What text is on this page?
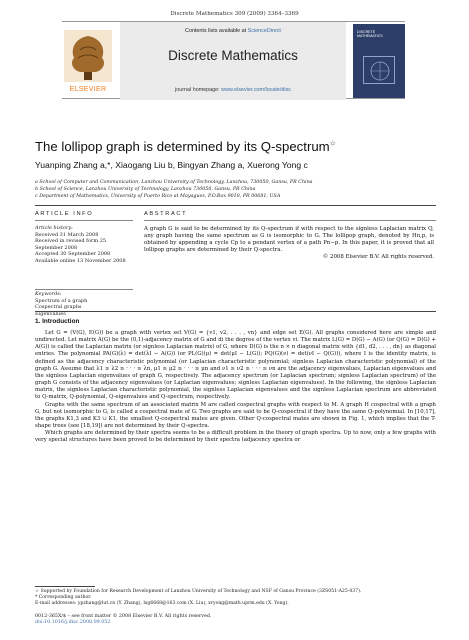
Discrete Mathematics 309 (2009) 3364–3369
ELSEVIER
Contents lists available at ScienceDirect
Discrete Mathematics
journal homepage: www.elsevier.com/locate/disc
DISCRETE
MATHEMATICS
The lollipop graph is determined by its Q-spectrum☆
Yuanping Zhang a,*, Xiaogang Liu b, Bingyan Zhang a, Xuerong Yong c
a School of Computer and Communication, Lanzhou University of Technology, Lanzhou, 730050, Gansu, PR China
b School of Science, Lanzhou University of Technology, Lanzhou 730050, Gansu, PR China
c Department of Mathematics, University of Puerto Rico at Mayaguez, P.O.Box 9018, PR 00681, USA
ARTICLE INFO	ABSTRACT
Article history:
Received 31 March 2008
Received in revised form 25 September 2008
Accepted 30 September 2008
Available online 13 November 2008
Keywords:
Spectrum of a graph
Cospectral graphs
Eigenvalues
A graph G is said to be determined by its Q-spectrum if with respect to the signless Laplacian matrix Q, any graph having the same spectrum as G is isomorphic to G. The lollipop graph, denoted by Hn,p, is obtained by appending a cycle Cp to a pendant vertex of a path Pn−p. In this paper, it is proved that all lollipop graphs are determined by their Q-spectra.
© 2008 Elsevier B.V. All rights reserved.
1. Introduction

Let G = (V(G), E(G)) be a graph with vertex set V(G) = {v1, v2, . . . , vn} and edge set E(G). All graphs considered here are simple and undirected. Let matrix A(G) be the (0,1)-adjacency matrix of G and di the degree of the vertex vi. The matrix L(G) = D(G) − A(G) (or Q(G) = D(G) + A(G)) is called the Laplacian matrix (or signless Laplacian matrix) of G, where D(G) is the n × n diagonal matrix with {d1, d2, . . . , dn} as diagonal entries. The polynomial PA(G)(λ) = det(λI − A(G)) (or PL(G)(μ) = det(μI − L(G)); PQ(G)(ν) = det(νI − Q(G))), where I is the identity matrix, is defined as the adjacency characteristic polynomial (or Laplacian characteristic polynomial; signless Laplacian characteristic polynomial) of the graph G. Assume that λ1 ≥ λ2 ≥ · · · ≥ λn, μ1 ≥ μ2 ≥ · · · ≥ μn and ν1 ≥ ν2 ≥ · · · ≥ νn are the adjacency eigenvalues, Laplacian eigenvalues and the signless Laplacian eigenvalues of graph G, respectively. The adjacency spectrum (or Laplacian spectrum; signless Laplacian spectrum) of the graph G consists of the adjacency eigenvalues (or Laplacian eigenvalues; signless Laplacian eigenvalues). In the following, the signless Laplacian matrix, the signless Laplacian characteristic polynomial, the signless Laplacian eigenvalues and the signless Laplacian spectrum are abbreviated to Q-matrix, Q-polynomial, Q-eigenvalues and Q-spectrum, respectively.

Graphs with the same spectrum of an associated matrix M are called cospectral graphs with respect to M. A graph H cospectral with a graph G, but not isomorphic to G, is called a cospectral mate of G. Two graphs are said to be Q-cospectral if they have the same Q-polynomial. In [10,17], the graphs K1,3 and K3 ∪ K1, the smallest Q-cospectral mates are given. Other Q-cospectral mates are shown in Fig. 1, which implies that the T-shape trees (see [18,19]) are not determined by their Q-spectra.

Which graphs are determined by their spectra seems to be a difficult problem in the theory of graph spectra. Up to now, only a few graphs with very special structures have been proved to be determined by their spectra (adjacency spectra or

☆ Supported by Foundation for Research Development of Lanzhou University of Technology and NSF of Gansu Province (3ZS051-A25-037).
* Corresponding author.
E-mail addresses: ypzhang@lut.cn (Y. Zhang), lxg6668@163.com (X. Liu), xryong@math.uprm.edu (X. Yong).
0012-365X/$ – see front matter © 2008 Elsevier B.V. All rights reserved.
doi:10.1016/j.disc.2008.09.052
